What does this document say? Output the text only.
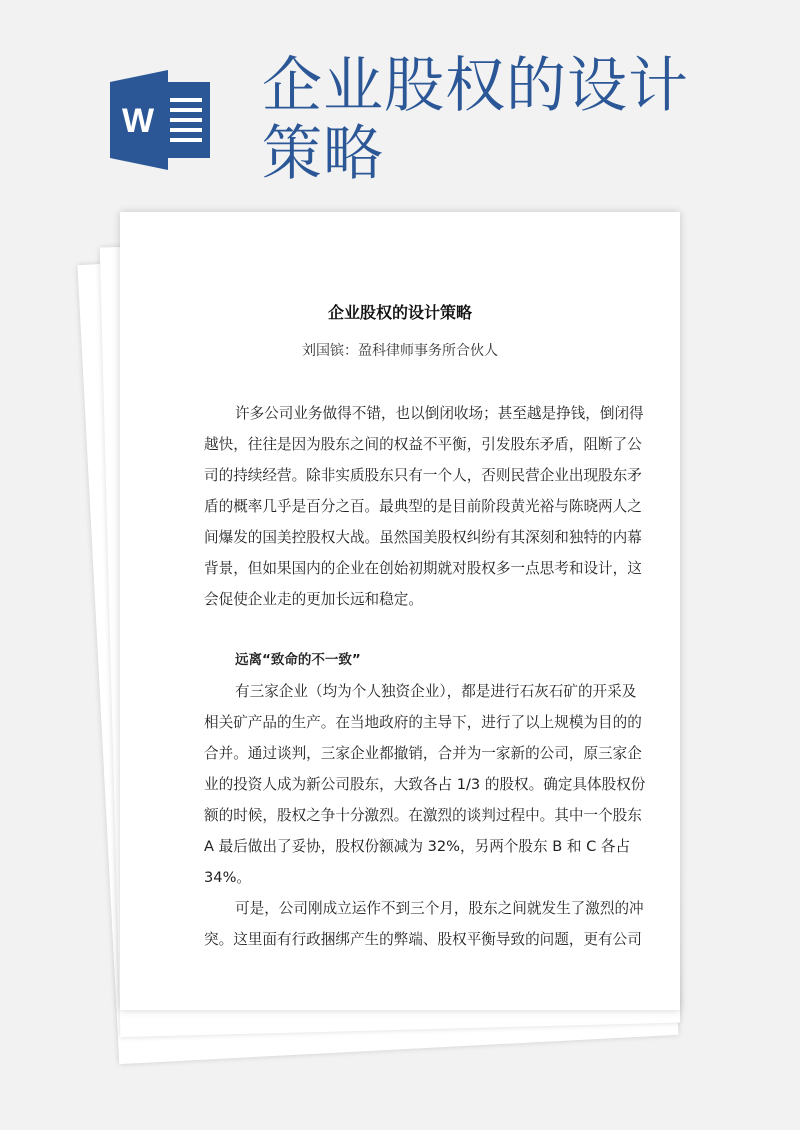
W 企业股权的设计策略
企业股权的设计策略
刘国镔：盈科律师事务所合伙人
许多公司业务做得不错，也以倒闭收场；甚至越是挣钱，倒闭得
越快，往往是因为股东之间的权益不平衡，引发股东矛盾，阻断了公
司的持续经营。除非实质股东只有一个人，否则民营企业出现股东矛
盾的概率几乎是百分之百。最典型的是目前阶段黄光裕与陈晓两人之
间爆发的国美控股权大战。虽然国美股权纠纷有其深刻和独特的内幕
背景，但如果国内的企业在创始初期就对股权多一点思考和设计，这
会促使企业走的更加长远和稳定。
远离“致命的不一致”
有三家企业（均为个人独资企业），都是进行石灰石矿的开采及
相关矿产品的生产。在当地政府的主导下，进行了以上规模为目的的
合并。通过谈判，三家企业都撤销，合并为一家新的公司，原三家企
业的投资人成为新公司股东，大致各占 1/3 的股权。确定具体股权份
额的时候，股权之争十分激烈。在激烈的谈判过程中。其中一个股东
A 最后做出了妥协，股权份额减为 32%，另两个股东 B 和 C 各占
34%。
可是，公司刚成立运作不到三个月，股东之间就发生了激烈的冲
突。这里面有行政捆绑产生的弊端、股权平衡导致的问题，更有公司
